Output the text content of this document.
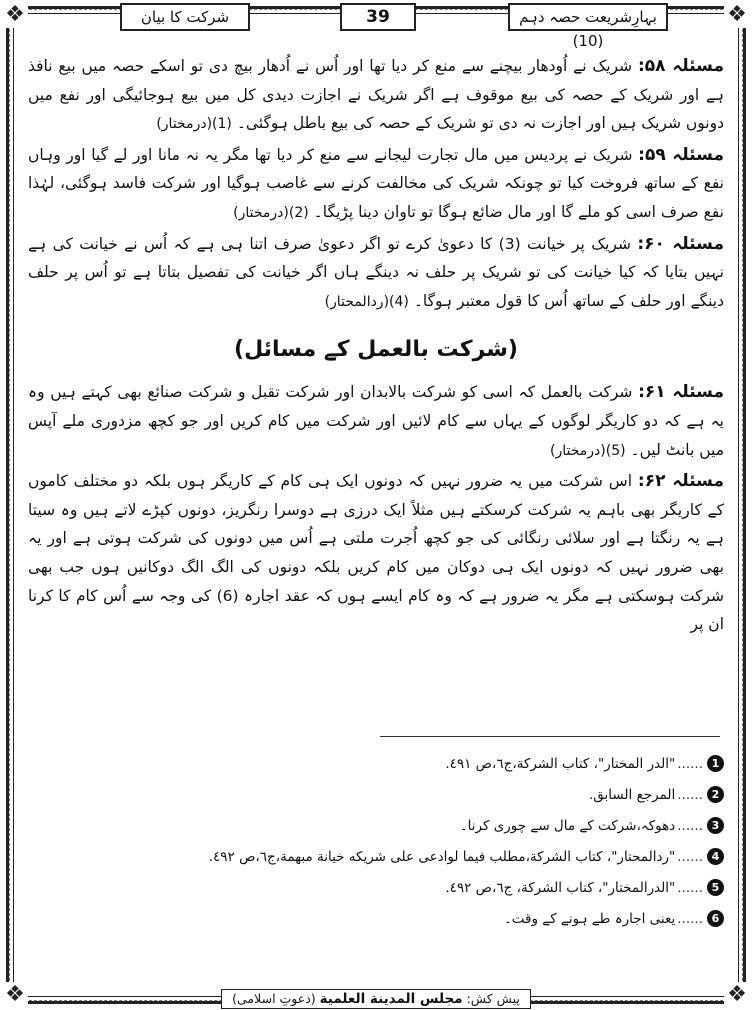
❖	❖
❖	❖
شرکت کا بیان	39	بہارِشریعت حصہ دہم (10)

مسئلہ ۵۸: شریک نے اُودھار بیچنے سے منع کر دیا تھا اور اُس نے اُدھار بیچ دی تو اسکے حصہ میں بیع نافذ ہے اور شریک کے حصہ کی بیع موقوف ہے اگر شریک نے اجازت دیدی کل میں بیع ہوجائیگی اور نفع میں دونوں شریک ہیں اور اجازت نہ دی تو شریک کے حصہ کی بیع باطل ہوگئی۔ (1)(درمختار)

مسئلہ ۵۹: شریک نے پردیس میں مال تجارت لیجانے سے منع کر دیا تھا مگر یہ نہ مانا اور لے گیا اور وہاں نفع کے ساتھ فروخت کیا تو چونکہ شریک کی مخالفت کرنے سے غاصب ہوگیا اور شرکت فاسد ہوگئی، لہٰذا نفع صرف اسی کو ملے گا اور مال ضائع ہوگا تو تاوان دینا پڑیگا۔ (2)(درمختار)

مسئلہ ۶۰: شریک پر خیانت (3) کا دعویٰ کرے تو اگر دعویٰ صرف اتنا ہی ہے کہ اُس نے خیانت کی ہے نہیں بتایا کہ کیا خیانت کی تو شریک پر حلف نہ دینگے ہاں اگر خیانت کی تفصیل بتاتا ہے تو اُس پر حلف دینگے اور حلف کے ساتھ اُس کا قول معتبر ہوگا۔ (4)(ردالمحتار)

(شرکت بالعمل کے مسائل)

مسئلہ ۶۱: شرکت بالعمل کہ اسی کو شرکت بالابدان اور شرکت تقبل و شرکت صنائع بھی کہتے ہیں وہ یہ ہے کہ دو کاریگر لوگوں کے یہاں سے کام لائیں اور شرکت میں کام کریں اور جو کچھ مزدوری ملے آپس میں بانٹ لیں۔ (5)(درمختار)

مسئلہ ۶۲: اس شرکت میں یہ ضرور نہیں کہ دونوں ایک ہی کام کے کاریگر ہوں بلکہ دو مختلف کاموں کے کاریگر بھی باہم یہ شرکت کرسکتے ہیں مثلاً ایک درزی ہے دوسرا رنگریز، دونوں کپڑے لاتے ہیں وہ سیتا ہے یہ رنگتا ہے اور سلائی رنگائی کی جو کچھ اُجرت ملتی ہے اُس میں دونوں کی شرکت ہوتی ہے اور یہ بھی ضرور نہیں کہ دونوں ایک ہی دوکان میں کام کریں بلکہ دونوں کی الگ الگ دوکانیں ہوں جب بھی شرکت ہوسکتی ہے مگر یہ ضرور ہے کہ وہ کام ایسے ہوں کہ عقد اجارہ (6) کی وجہ سے اُس کام کا کرنا ان پر

1
......
"الدر المختار"، كتاب الشركة،ج٦،ص ٤٩١.
2
......
المرجع السابق.
3
......
دھوکہ،شرکت کے مال سے چوری کرنا۔
4
......
"ردالمحتار"، كتاب الشركة،مطلب فيما لوادعى على شريكه خيانة مبهمة،ج٦،ص ٤٩٢.
5
......
"الدرالمختار"، كتاب الشركة، ج٦،ص ٤٩٢.
6
......
یعنی اجارہ طے ہونے کے وقت۔
پیش کش: مجلس المدينة العلمية (دعوتِ اسلامی)
